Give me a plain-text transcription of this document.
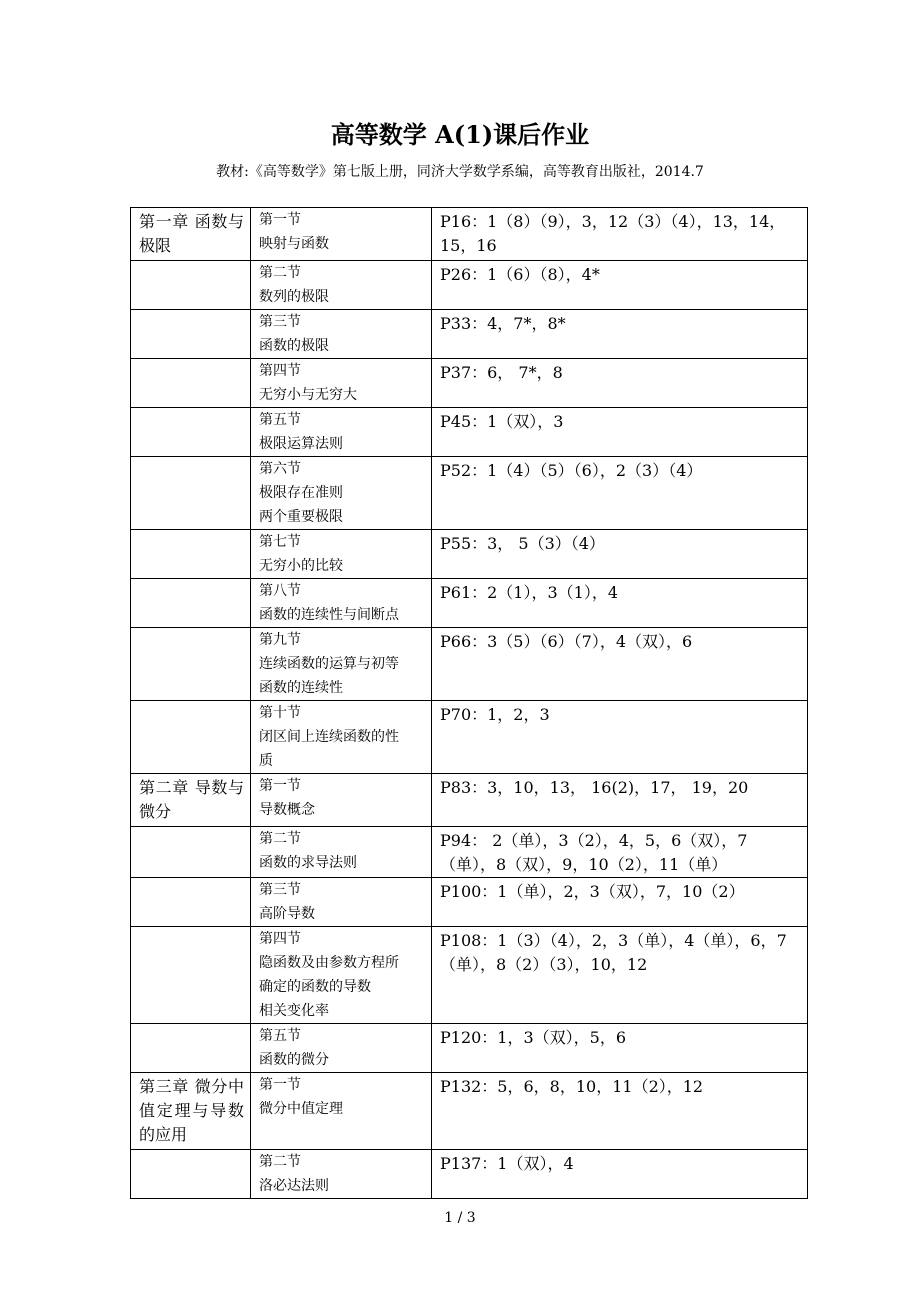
高等数学 A(1)课后作业
教材:《高等数学》第七版上册，同济大学数学系编，高等教育出版社，2014.7
第一章 函数与极限	第一节
映射与函数	P16：1（8）（9），3，12（3）（4），13，14，15，16

	第二节
数列的极限	P26：1（6）（8），4*

	第三节
函数的极限	P33：4，7*，8*

	第四节
无穷小与无穷大	P37：6， 7*，8

	第五节
极限运算法则	P45：1（双），3

	第六节
极限存在准则
两个重要极限	P52：1（4）（5）（6），2（3）（4）

	第七节
无穷小的比较	P55：3， 5（3）（4）

	第八节
函数的连续性与间断点	P61：2（1），3（1），4

	第九节
连续函数的运算与初等
函数的连续性	P66：3（5）（6）（7），4（双），6

	第十节
闭区间上连续函数的性
质	P70：1，2，3
第二章 导数与微分	第一节
导数概念	P83：3，10，13， 16(2)，17， 19，20

	第二节
函数的求导法则	P94： 2（单），3（2），4，5，6（双），7（单），8（双），9，10（2），11（单）

	第三节
高阶导数	P100：1（单），2，3（双），7，10（2）

	第四节
隐函数及由参数方程所
确定的函数的导数
相关变化率	P108：1（3）（4），2，3（单），4（单），6，7（单），8（2）（3），10，12

	第五节
函数的微分	P120：1，3（双），5，6
第三章 微分中值定理与导数的应用	第一节
微分中值定理	P132：5，6，8，10，11（2），12

	第二节
洛必达法则	P137：1（双），4
1 / 3
